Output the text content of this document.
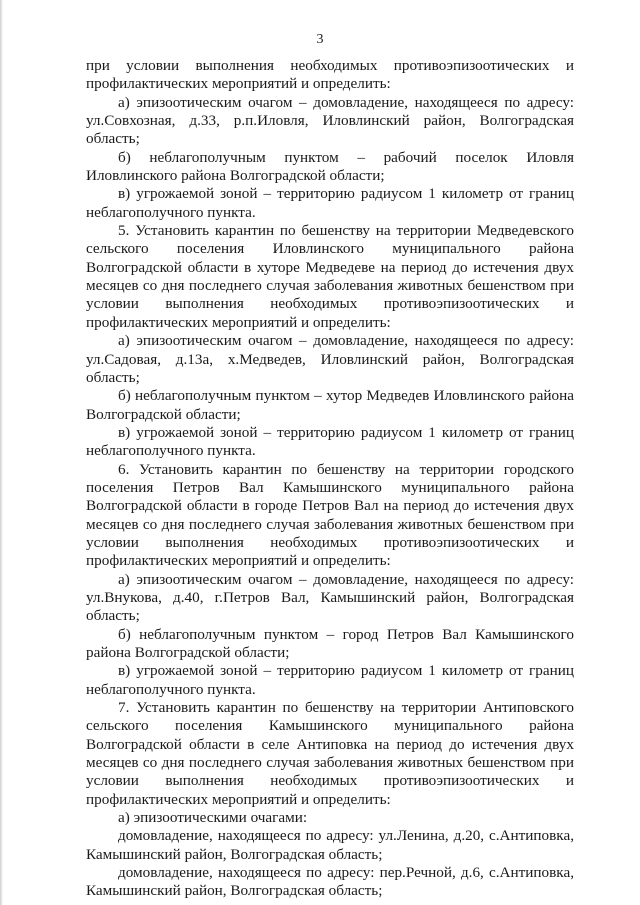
3

при условии выполнения необходимых противоэпизоотических и профилактических мероприятий и определить:

а) эпизоотическим очагом – домовладение, находящееся по адресу: ул.Совхозная, д.33, р.п.Иловля, Иловлинский район, Волгоградская область;

б) неблагополучным пунктом – рабочий поселок Иловля Иловлинского района Волгоградской области;

в) угрожаемой зоной – территорию радиусом 1 километр от границ неблагополучного пункта.

5. Установить карантин по бешенству на территории Медведевского сельского поселения Иловлинского муниципального района Волгоградской области в хуторе Медведеве на период до истечения двух месяцев со дня последнего случая заболевания животных бешенством при условии выполнения необходимых противоэпизоотических и профилактических мероприятий и определить:

а) эпизоотическим очагом – домовладение, находящееся по адресу: ул.Садовая, д.13а, х.Медведев, Иловлинский район, Волгоградская область;

б) неблагополучным пунктом – хутор Медведев Иловлинского района Волгоградской области;

в) угрожаемой зоной – территорию радиусом 1 километр от границ неблагополучного пункта.

6. Установить карантин по бешенству на территории городского поселения Петров Вал Камышинского муниципального района Волгоградской области в городе Петров Вал на период до истечения двух месяцев со дня последнего случая заболевания животных бешенством при условии выполнения необходимых противоэпизоотических и профилактических мероприятий и определить:

а) эпизоотическим очагом – домовладение, находящееся по адресу: ул.Внукова, д.40, г.Петров Вал, Камышинский район, Волгоградская область;

б) неблагополучным пунктом – город Петров Вал Камышинского района Волгоградской области;

в) угрожаемой зоной – территорию радиусом 1 километр от границ неблагополучного пункта.

7. Установить карантин по бешенству на территории Антиповского сельского поселения Камышинского муниципального района Волгоградской области в селе Антиповка на период до истечения двух месяцев со дня последнего случая заболевания животных бешенством при условии выполнения необходимых противоэпизоотических и профилактических мероприятий и определить:

а) эпизоотическими очагами:

домовладение, находящееся по адресу: ул.Ленина, д.20, с.Антиповка, Камышинский район, Волгоградская область;

домовладение, находящееся по адресу: пер.Речной, д.6, с.Антиповка, Камышинский район, Волгоградская область;
